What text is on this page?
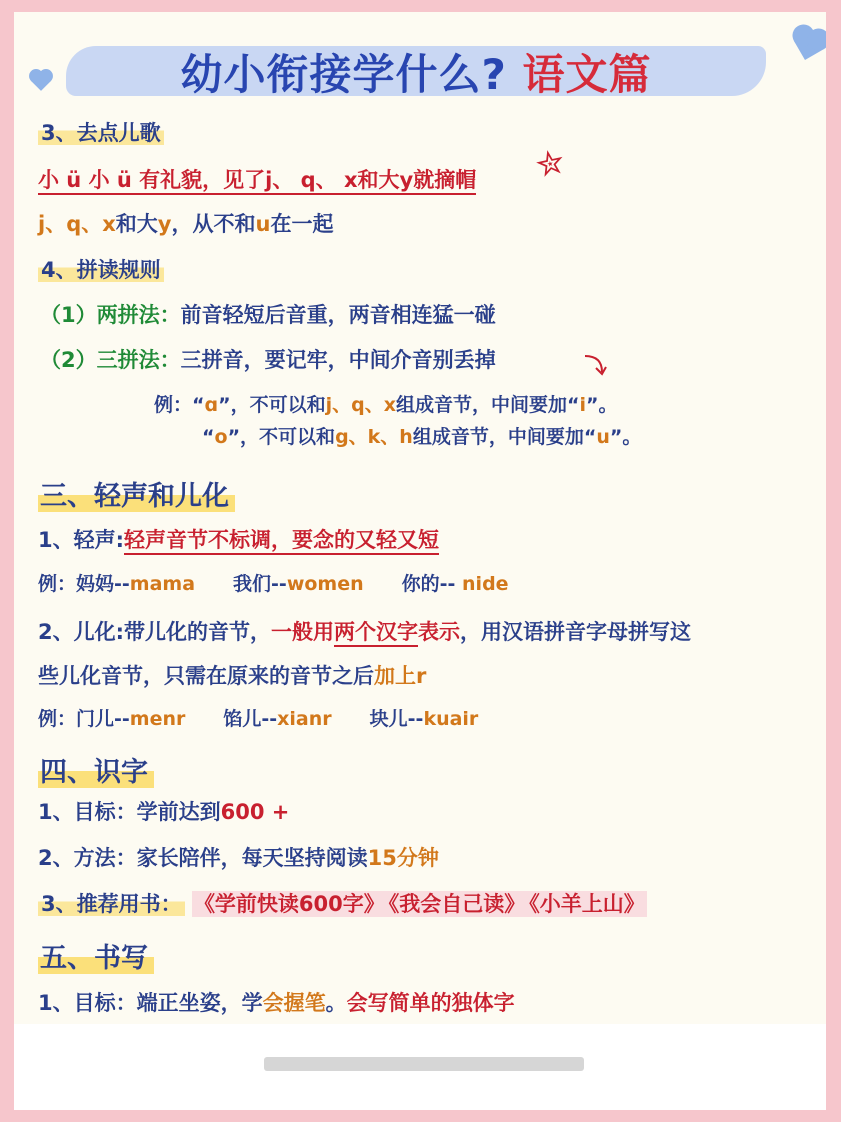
幼小衔接学什么? 语文篇
3、去点儿歌
小 ü 小 ü 有礼貌，见了j、 q、 x和大y就摘帽 ✮
j、q、x和大y，从不和u在一起
4、拼读规则
（1）两拼法：前音轻短后音重，两音相连猛一碰
（2）三拼法：三拼音，要记牢，中间介音别丢掉
例：“ɑ”，不可以和j、q、x组成音节，中间要加“i”。
“o”，不可以和g、k、h组成音节，中间要加“u”。
三、轻声和儿化
1、轻声:轻声音节不标调，要念的又轻又短
例：妈妈--mama 我们--women 你的-- nide
2、儿化:带儿化的音节，一般用两个汉字表示，用汉语拼音字母拼写这
些儿化音节，只需在原来的音节之后加上r
例：门儿--menr 馅儿--xianr 块儿--kuair
四、识字
1、目标：学前达到600 +
2、方法：家长陪伴，每天坚持阅读15分钟
3、推荐用书： 《学前快读600字》 《我会自己读》 《小羊上山》
五、书写
1、目标：端正坐姿，学会握笔。会写简单的独体字
